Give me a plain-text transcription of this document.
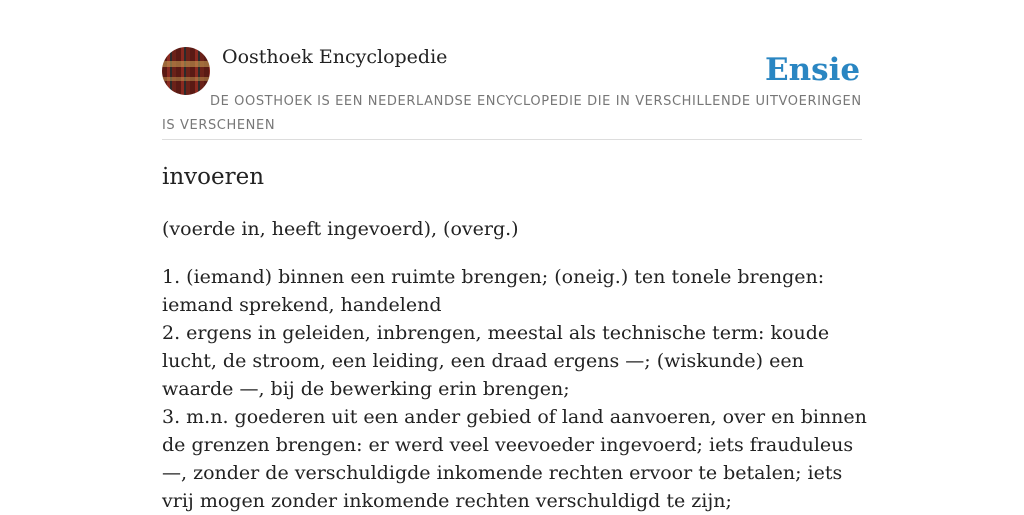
Oosthoek Encyclopedie	Ensie
DE OOSTHOEK IS EEN NEDERLANDSE ENCYCLOPEDIE DIE IN VERSCHILLENDE UITVOERINGEN IS VERSCHENEN
invoeren
(voerde in, heeft ingevoerd), (overg.)
1. (iemand) binnen een ruimte brengen; (oneig.) ten tonele brengen: iemand sprekend, handelend
2. ergens in geleiden, inbrengen, meestal als technische term: koude lucht, de stroom, een leiding, een draad ergens —; (wiskunde) een waarde —, bij de bewerking erin brengen;
3. m.n. goederen uit een ander gebied of land aanvoeren, over en binnen de grenzen brengen: er werd veel veevoeder ingevoerd; iets frauduleus —, zonder de verschuldigde inkomende rechten ervoor te betalen; iets vrij mogen zonder inkomende rechten verschuldigd te zijn;
